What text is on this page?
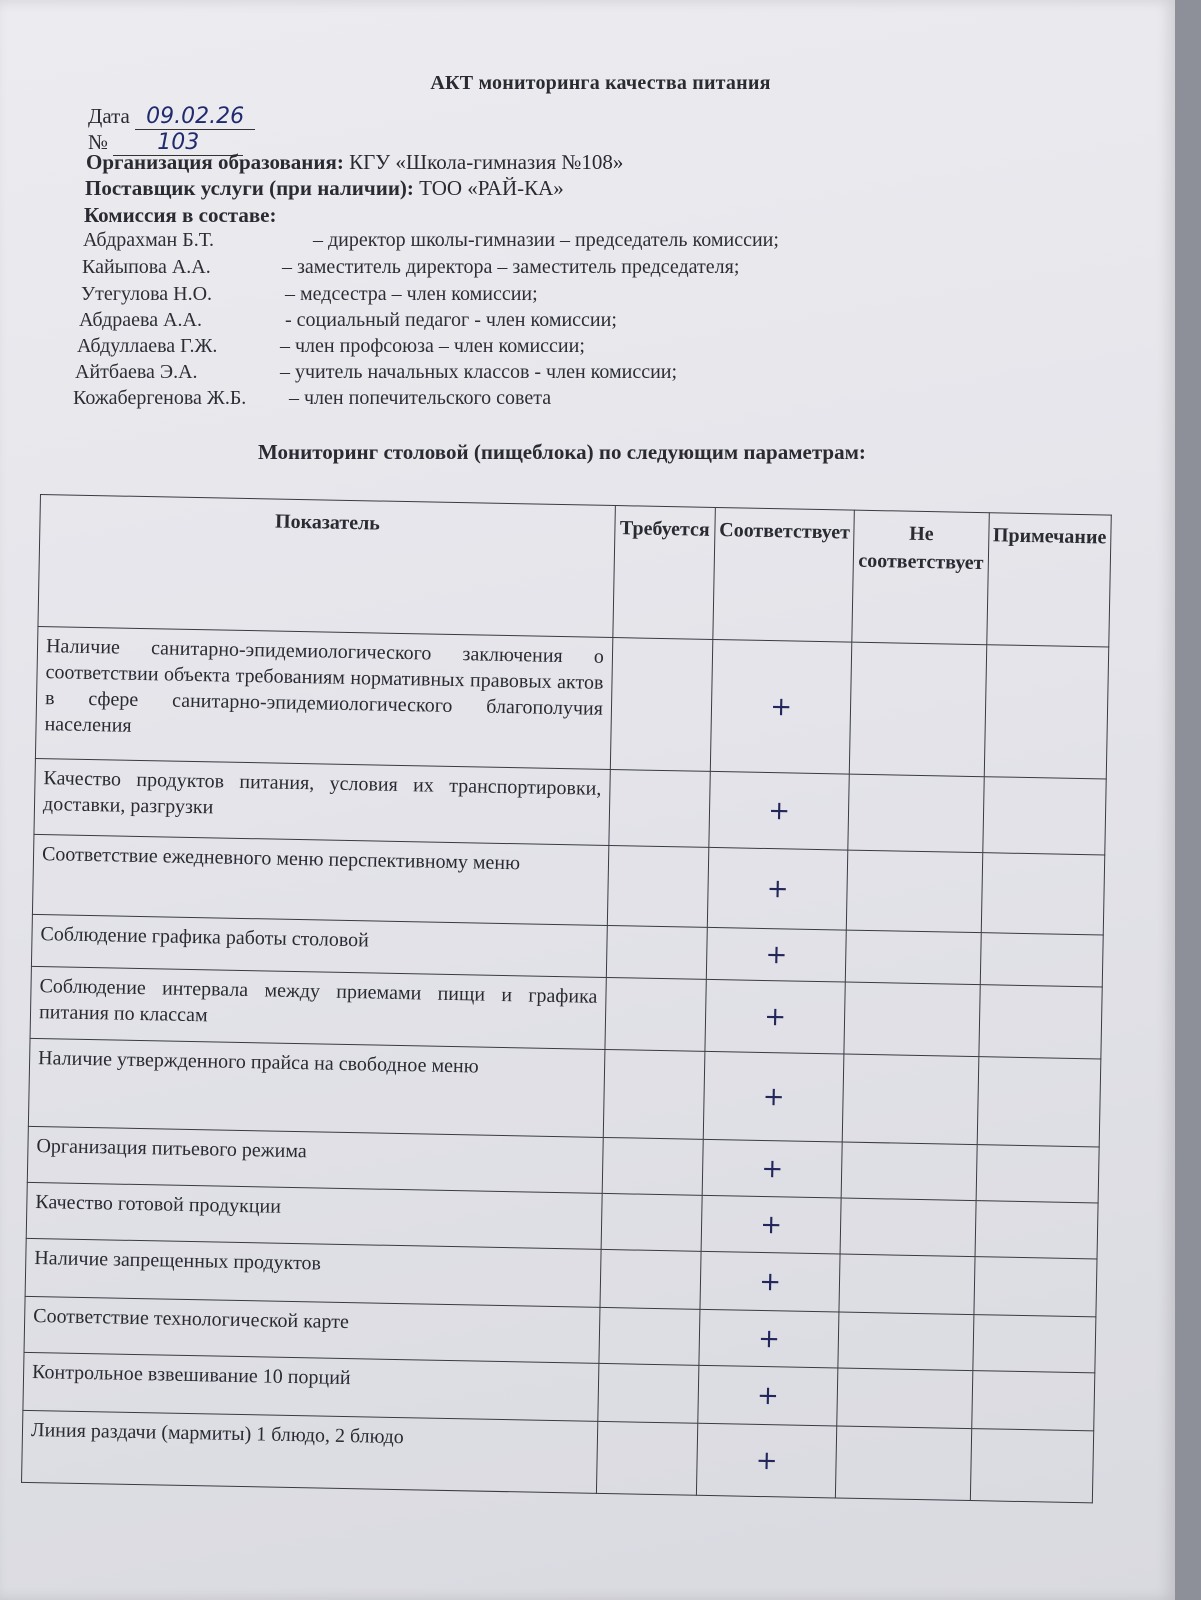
АКТ мониторинга качества питания
Дата 09.02.26
№ 103
Организация образования: КГУ «Школа-гимназия №108»
Поставщик услуги (при наличии): ТОО «РАЙ-КА»
Комиссия в составе:
Абдрахман Б.Т.	– директор школы-гимназии – председатель комиссии;
Кайыпова А.А.	– заместитель директора – заместитель председателя;
Утегулова Н.О.	– медсестра – член комиссии;
Абдраева А.А.	- социальный педагог - член комиссии;
Абдуллаева Г.Ж.	– член профсоюза – член комиссии;
Айтбаева Э.А.	– учитель начальных классов - член комиссии;
Кожабергенова Ж.Б. – член попечительского совета
Мониторинг столовой (пищеблока) по следующим параметрам:
Показатель	Требуется	Соответствует	Не соответствует	Примечание
Наличие санитарно-эпидемиологического заключения о соответствии объекта требованиям нормативных правовых актов в сфере санитарно-эпидемиологического благополучия населения		+		
Качество продуктов питания, условия их транспортировки, доставки, разгрузки		+		
Соответствие ежедневного меню перспективному меню		+		
Соблюдение графика работы столовой		+		
Соблюдение интервала между приемами пищи и графика питания по классам		+		
Наличие утвержденного прайса на свободное меню		+		
Организация питьевого режима		+		
Качество готовой продукции		+		
Наличие запрещенных продуктов		+		
Соответствие технологической карте		+		
Контрольное взвешивание 10 порций		+		
Линия раздачи (мармиты) 1 блюдо, 2 блюдо		+		
